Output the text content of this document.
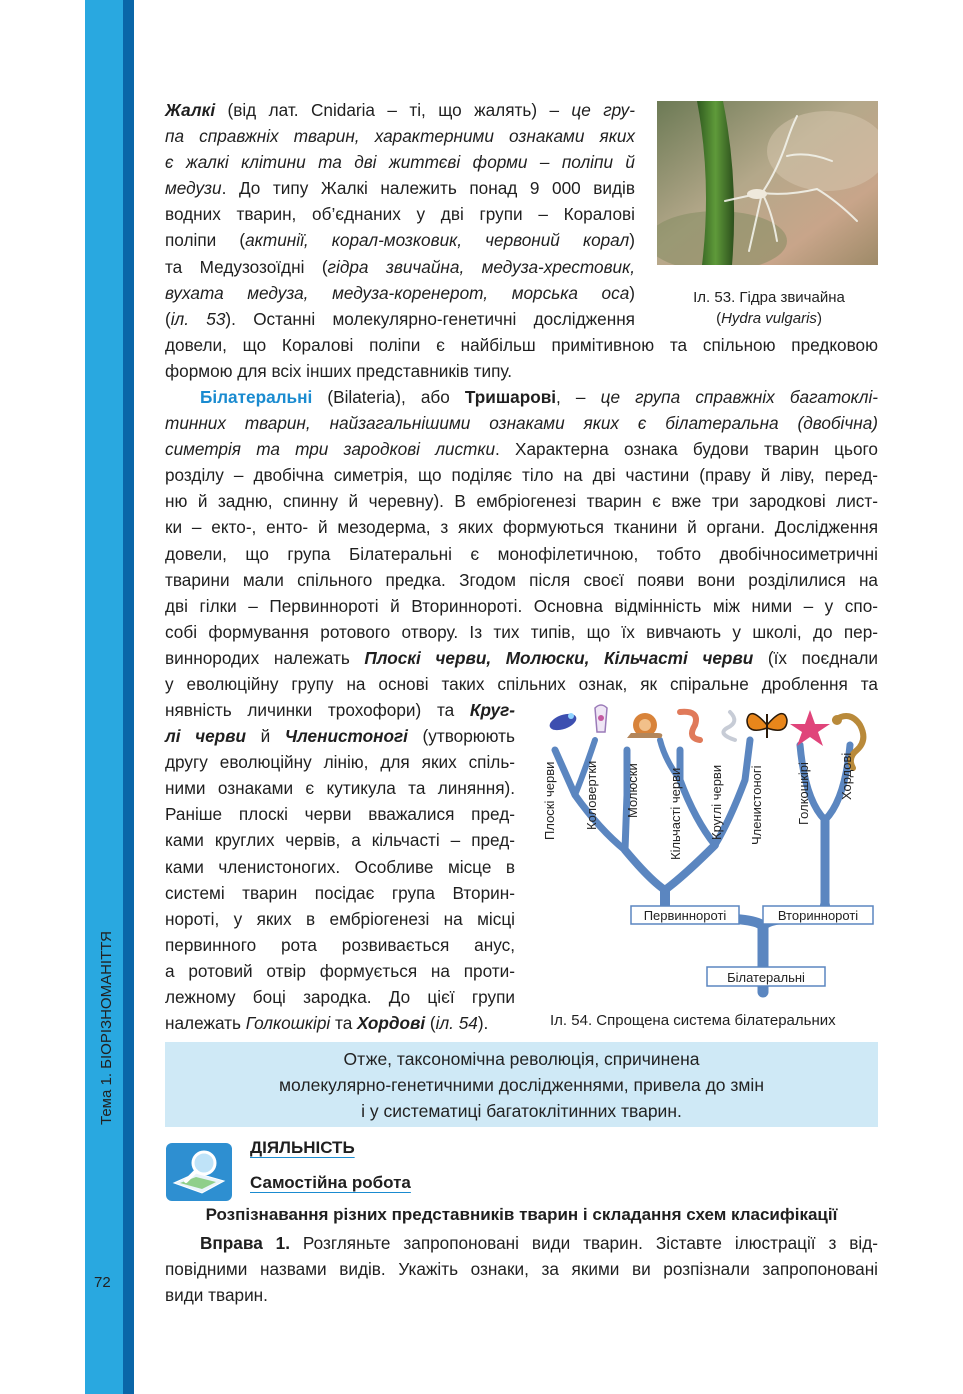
Тема 1. БІОРІЗНОМАНІТТЯ
72
Жалкі (від лат. Cnidaria – ті, що жалять) – це гру-
па справжніх тварин, характерними ознаками яких
є жалкі клітини та дві життєві форми – поліпи й
медузи. До типу Жалкі належить понад 9 000 видів
водних тварин, об’єднаних у дві групи – Коралові
поліпи (актинії, корал-мозковик, червоний корал)
та Медузозоїдні (гідра звичайна, медуза-хрестовик,
вухата медуза, медуза-коренерот, морська оса)
(іл. 53). Останні молекулярно-генетичні дослідження
Іл. 53. Гідра звичайна
(Hydra vulgaris)
довели, що Коралові поліпи є найбільш примітивною та спільною предковою
формою для всіх інших представників типу.
Білатеральні (Bilateria), або Тришарові, – це група справжніх багатоклі-
тинних тварин, найзагальнішими ознаками яких є білатеральна (двобічна)
симетрія та три зародкові листки. Характерна ознака будови тварин цього
розділу – двобічна симетрія, що поділяє тіло на дві частини (праву й ліву, перед-
ню й задню, спинну й черевну). В ембріогенезі тварин є вже три зародкові лист-
ки – екто-, енто- й мезодерма, з яких формуються тканини й органи. Дослідження
довели, що група Білатеральні є монофілетичною, тобто двобічносиметричні
тварини мали спільного предка. Згодом після своєї появи вони розділилися на
дві гілки – Первиннороті й Вториннороті. Основна відмінність між ними – у спо-
собі формування ротового отвору. Із тих типів, що їх вивчають у школі, до пер-
виннородих належать Плоскі черви, Молюски, Кільчасті черви (їх поєднали
у еволюційну групу на основі таких спільних ознак, як спіральне дроблення та
нявність личинки трохофори) та Круг-
лі черви й Членистоногі (утворюють
другу еволюційну лінію, для яких спіль-
ними ознаками є кутикула та линяння).
Раніше плоскі черви вважалися пред-
ками круглих червів, а кільчасті – пред-
ками членистоногих. Особливе місце в
системі тварин посідає група Вторин-
нороті, у яких в ембріогенезі на місці
первинного рота розвивається анус,
а ротовий отвір формується на проти-
лежному боці зародка. До цієї групи
належать Голкошкірі та Хордові (іл. 54).
Плоскі черви Коловертки Молюски Кільчасті черви Круглі черви Членистоногі Голкошкірі Хордові
Первинноротi	Вториннороті
Білатеральні
Іл. 54. Спрощена система білатеральних
Отже, таксономічна революція, спричинена
молекулярно-генетичними дослідженнями, привела до змін
і у систематиці багатоклітинних тварин.
ДІЯЛЬНІСТЬ
Самостійна робота
Розпізнавання різних представників тварин і складання схем класифікації
Вправа 1. Розгляньте запропоновані види тварин. Зіставте ілюстрації з від-
повідними назвами видів. Укажіть ознаки, за якими ви розпізнали запропоновані
види тварин.
